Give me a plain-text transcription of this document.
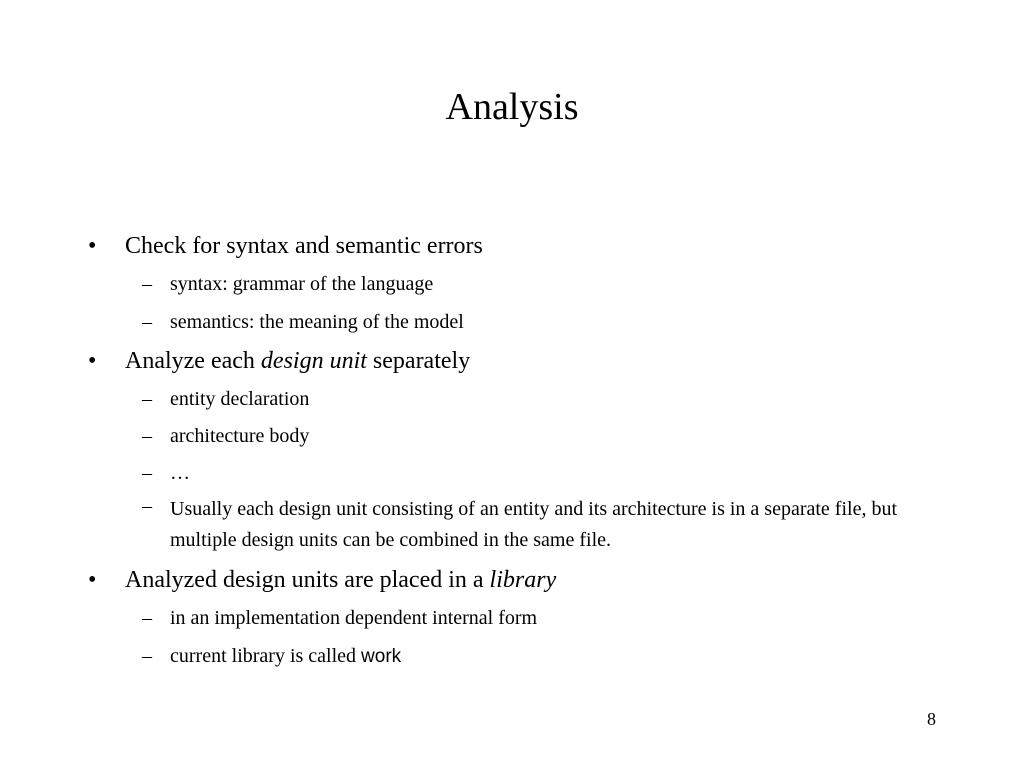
Analysis
• Check for syntax and semantic errors
– syntax: grammar of the language
– semantics: the meaning of the model
• Analyze each design unit separately
– entity declaration
– architecture body
– …
– Usually each design unit consisting of an entity and its architecture is in a separate file, but multiple design units can be combined in the same file.
• Analyzed design units are placed in a library
– in an implementation dependent internal form
– current library is called work
8
